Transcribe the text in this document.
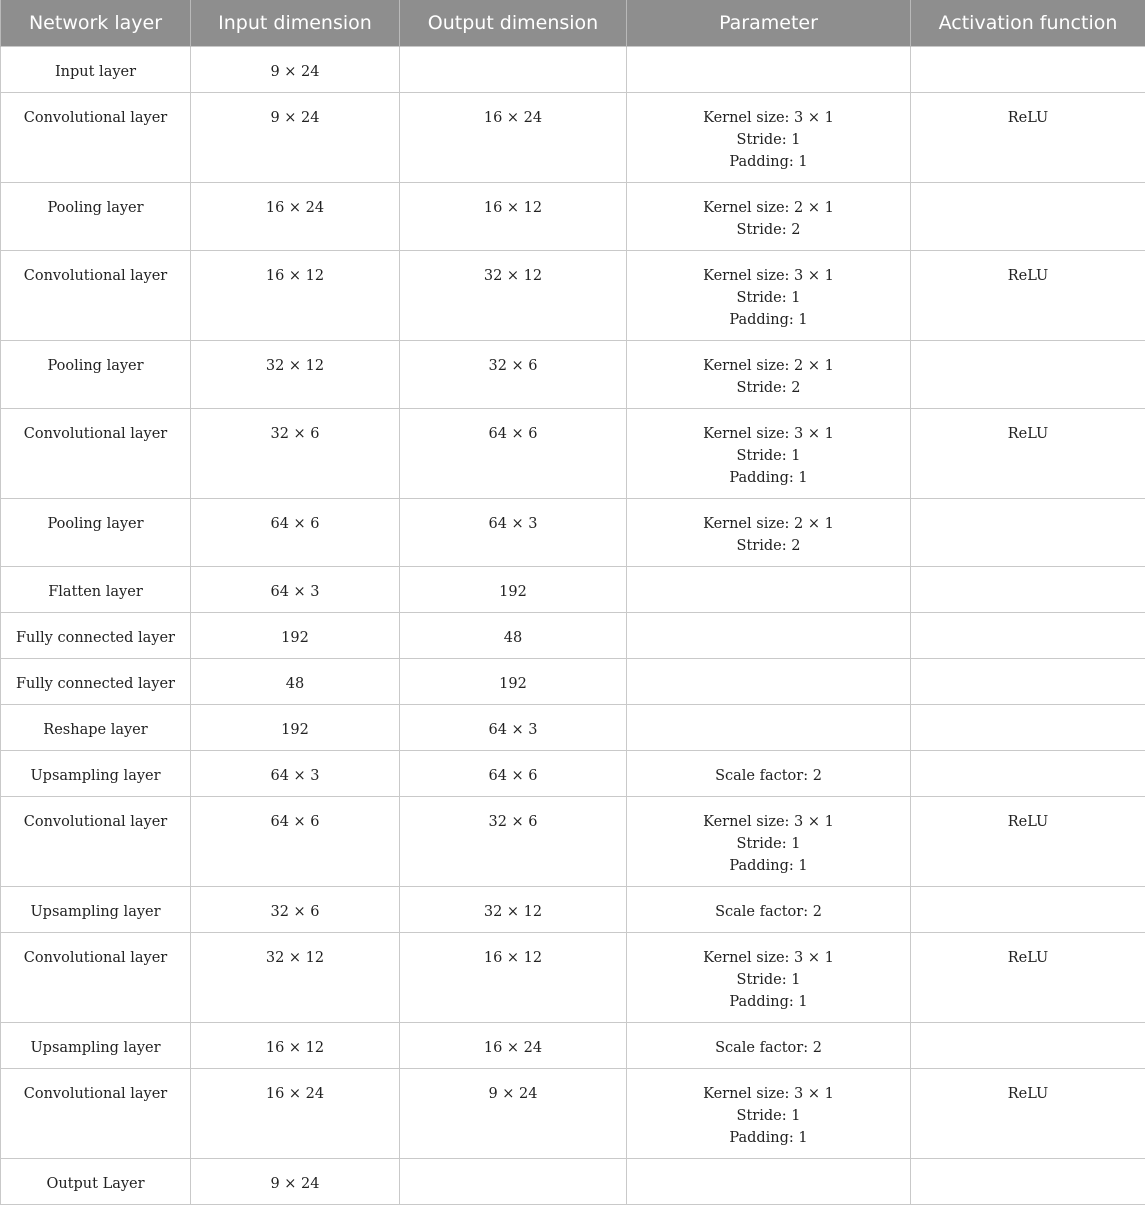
Network layer	Input dimension	Output dimension	Parameter	Activation function
Input layer	9 × 24			
Convolutional layer	9 × 24	16 × 24	Kernel size: 3 × 1
Stride: 1
Padding: 1	ReLU
Pooling layer	16 × 24	16 × 12	Kernel size: 2 × 1
Stride: 2	

Convolutional layer	16 × 12	32 × 12	Kernel size: 3 × 1
Stride: 1
Padding: 1	ReLU
Pooling layer	32 × 12	32 × 6	Kernel size: 2 × 1
Stride: 2	

Convolutional layer	32 × 6	64 × 6	Kernel size: 3 × 1
Stride: 1
Padding: 1	ReLU
Pooling layer	64 × 6	64 × 3	Kernel size: 2 × 1
Stride: 2	

Flatten layer	64 × 3	192		
Fully connected layer	192	48		
Fully connected layer	48	192		
Reshape layer	192	64 × 3		
Upsampling layer	64 × 3	64 × 6	Scale factor: 2	

Convolutional layer	64 × 6	32 × 6	Kernel size: 3 × 1
Stride: 1
Padding: 1	ReLU
Upsampling layer	32 × 6	32 × 12	Scale factor: 2	

Convolutional layer	32 × 12	16 × 12	Kernel size: 3 × 1
Stride: 1
Padding: 1	ReLU
Upsampling layer	16 × 12	16 × 24	Scale factor: 2	

Convolutional layer	16 × 24	9 × 24	Kernel size: 3 × 1
Stride: 1
Padding: 1	ReLU
Output Layer	9 × 24			
